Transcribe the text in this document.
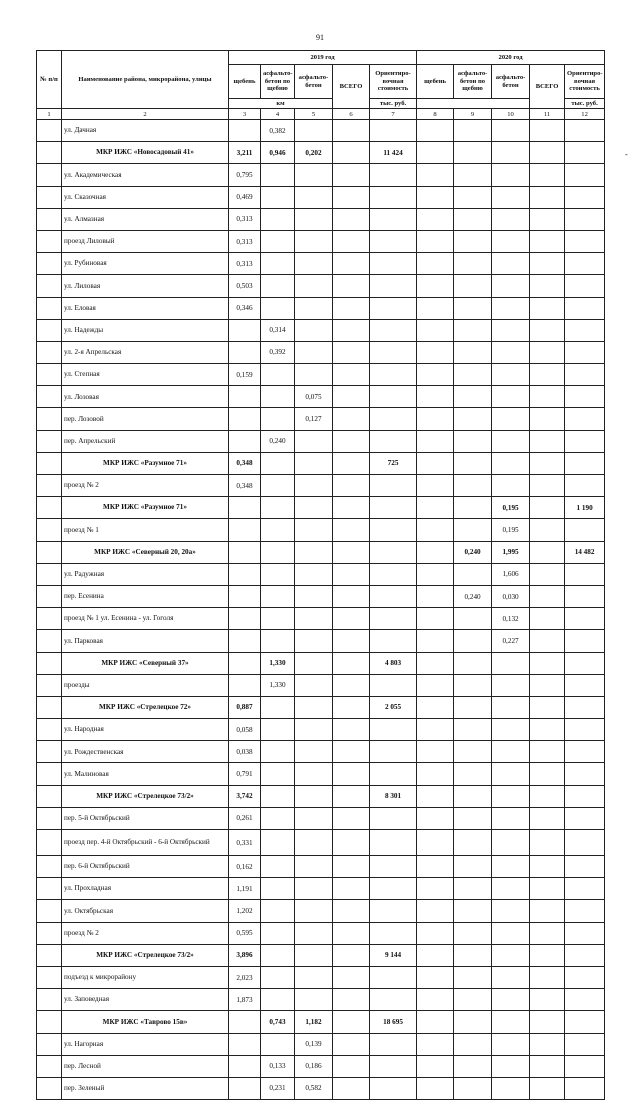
91
-
№ п/п	Наименование района, микрорайона, улицы	2019 год					2020 год				
		щебень	асфальто-бетон по щебню	асфальто-бетон	ВСЕГО	Ориентиро-вочная стоимость	щебень	асфальто-бетон по щебню	асфальто-бетон	ВСЕГО	Ориентиро-вочная стоимость
		км				тыс. руб.					тыс. руб.
1	2	3	4	5	6	7	8	9	10	11	12
	ул. Дачная		0,382								
	МКР ИЖС «Новосадовый 41»	3,211	0,946	0,202		11 424					
	ул. Академическая	0,795									
	ул. Сказочная	0,469									
	ул. Алмазная	0,313									
	проезд Лиловый	0,313									
	ул. Рубиновая	0,313									
	ул. Лиловая	0,503									
	ул. Еловая	0,346									
	ул. Надежды		0,314								
	ул. 2-я Апрельская		0,392								
	ул. Степная	0,159									
	ул. Лозовая			0,075							
	пер. Лозовой			0,127							
	пер. Апрельский		0,240								
	МКР ИЖС «Разумное 71»	0,348				725					
	проезд № 2	0,348									
	МКР ИЖС «Разумное 71»								0,195		1 190
	проезд № 1								0,195		
	МКР ИЖС «Северный 20, 20а»							0,240	1,995		14 482
	ул. Радужная								1,606		
	пер. Есенина							0,240	0,030		
	проезд № 1 ул. Есенина - ул. Гоголя								0,132		
	ул. Парковая								0,227		
	МКР ИЖС «Северный 37»		1,330			4 803					
	проезды		1,330								
	МКР ИЖС «Стрелецкое 72»	0,887				2 055					
	ул. Народная	0,058									
	ул. Рождественская	0,038									
	ул. Малиновая	0,791									
	МКР ИЖС «Стрелецкое 73/2»	3,742				8 301					
	пер. 5-й Октябрьский	0,261									
	проезд пер. 4-й Октябрьский - 6-й Октябрьский	0,331									
	пер. 6-й Октябрьский	0,162									
	ул. Прохладная	1,191									
	ул. Октябрьская	1,202									
	проезд № 2	0,595									
	МКР ИЖС «Стрелецкое 73/2»	3,896				9 144					
	подъезд к микрорайону	2,023									
	ул. Заповедная	1,873									
	МКР ИЖС «Таврово 15в»		0,743	1,182		18 695					
	ул. Нагорная			0,139							
	пер. Лесной		0,133	0,186							
	пер. Зеленый		0,231	0,582							
